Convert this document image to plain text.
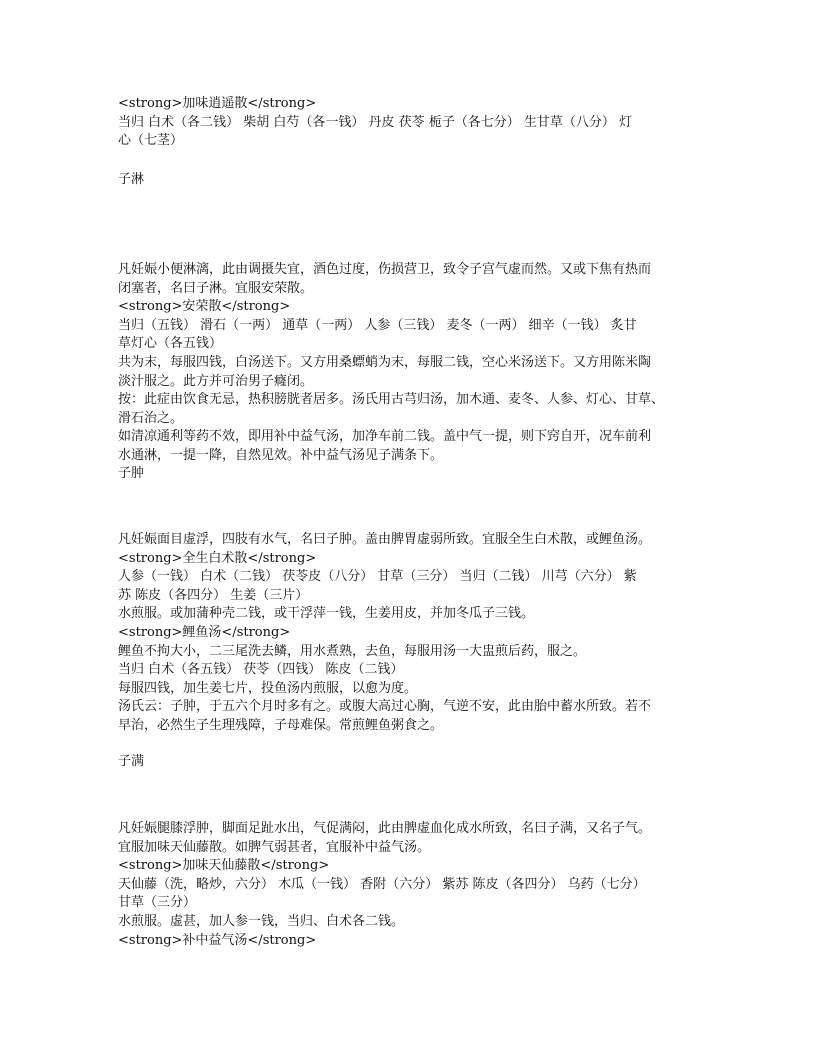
<strong>加味逍遥散</strong>
当归 白术（各二钱） 柴胡 白芍（各一钱） 丹皮 茯苓 栀子（各七分） 生甘草（八分） 灯
心（七茎）
子淋
凡妊娠小便淋漓，此由调摄失宜，酒色过度，伤损营卫，致令子宫气虚而然。又或下焦有热而
闭塞者，名曰子淋。宜服安荣散。
<strong>安荣散</strong>
当归（五钱） 滑石（一两） 通草（一两） 人参（三钱） 麦冬（一两） 细辛（一钱） 炙甘
草灯心（各五钱）
共为末，每服四钱，白汤送下。又方用桑螵蛸为末，每服二钱，空心米汤送下。又方用陈米陶
淡汁服之。此方并可治男子癃闭。
按：此症由饮食无忌，热积膀胱者居多。汤氏用古芎归汤，加木通、麦冬、人参、灯心、甘草、
滑石治之。
如清凉通利等药不效，即用补中益气汤，加净车前二钱。盖中气一提，则下窍自开，况车前利
水通淋，一提一降，自然见效。补中益气汤见子满条下。
子肿
凡妊娠面目虚浮，四肢有水气，名曰子肿。盖由脾胃虚弱所致。宜服全生白术散，或鲤鱼汤。
<strong>全生白术散</strong>
人参（一钱） 白术（二钱） 茯苓皮（八分） 甘草（三分） 当归（二钱） 川芎（六分） 紫
苏 陈皮（各四分） 生姜（三片）
水煎服。或加蒲种壳二钱，或干浮萍一钱，生姜用皮，并加冬瓜子三钱。
<strong>鲤鱼汤</strong>
鲤鱼不拘大小，二三尾洗去鳞，用水煮熟，去鱼，每服用汤一大盅煎后药，服之。
当归 白术（各五钱） 茯苓（四钱） 陈皮（二钱）
每服四钱，加生姜七片，投鱼汤内煎服，以愈为度。
汤氏云：子肿，于五六个月时多有之。或腹大高过心胸，气逆不安，此由胎中蓄水所致。若不
早治，必然生子生理残障，子母难保。常煎鲤鱼粥食之。
子满
凡妊娠腿膝浮肿，脚面足趾水出，气促满闷，此由脾虚血化成水所致，名曰子满，又名子气。
宜服加味天仙藤散。如脾气弱甚者，宜服补中益气汤。
<strong>加味天仙藤散</strong>
天仙藤（洗，略炒，六分） 木瓜（一钱） 香附（六分） 紫苏 陈皮（各四分） 乌药（七分）
甘草（三分）
水煎服。虚甚，加人参一钱，当归、白术各二钱。
<strong>补中益气汤</strong>
